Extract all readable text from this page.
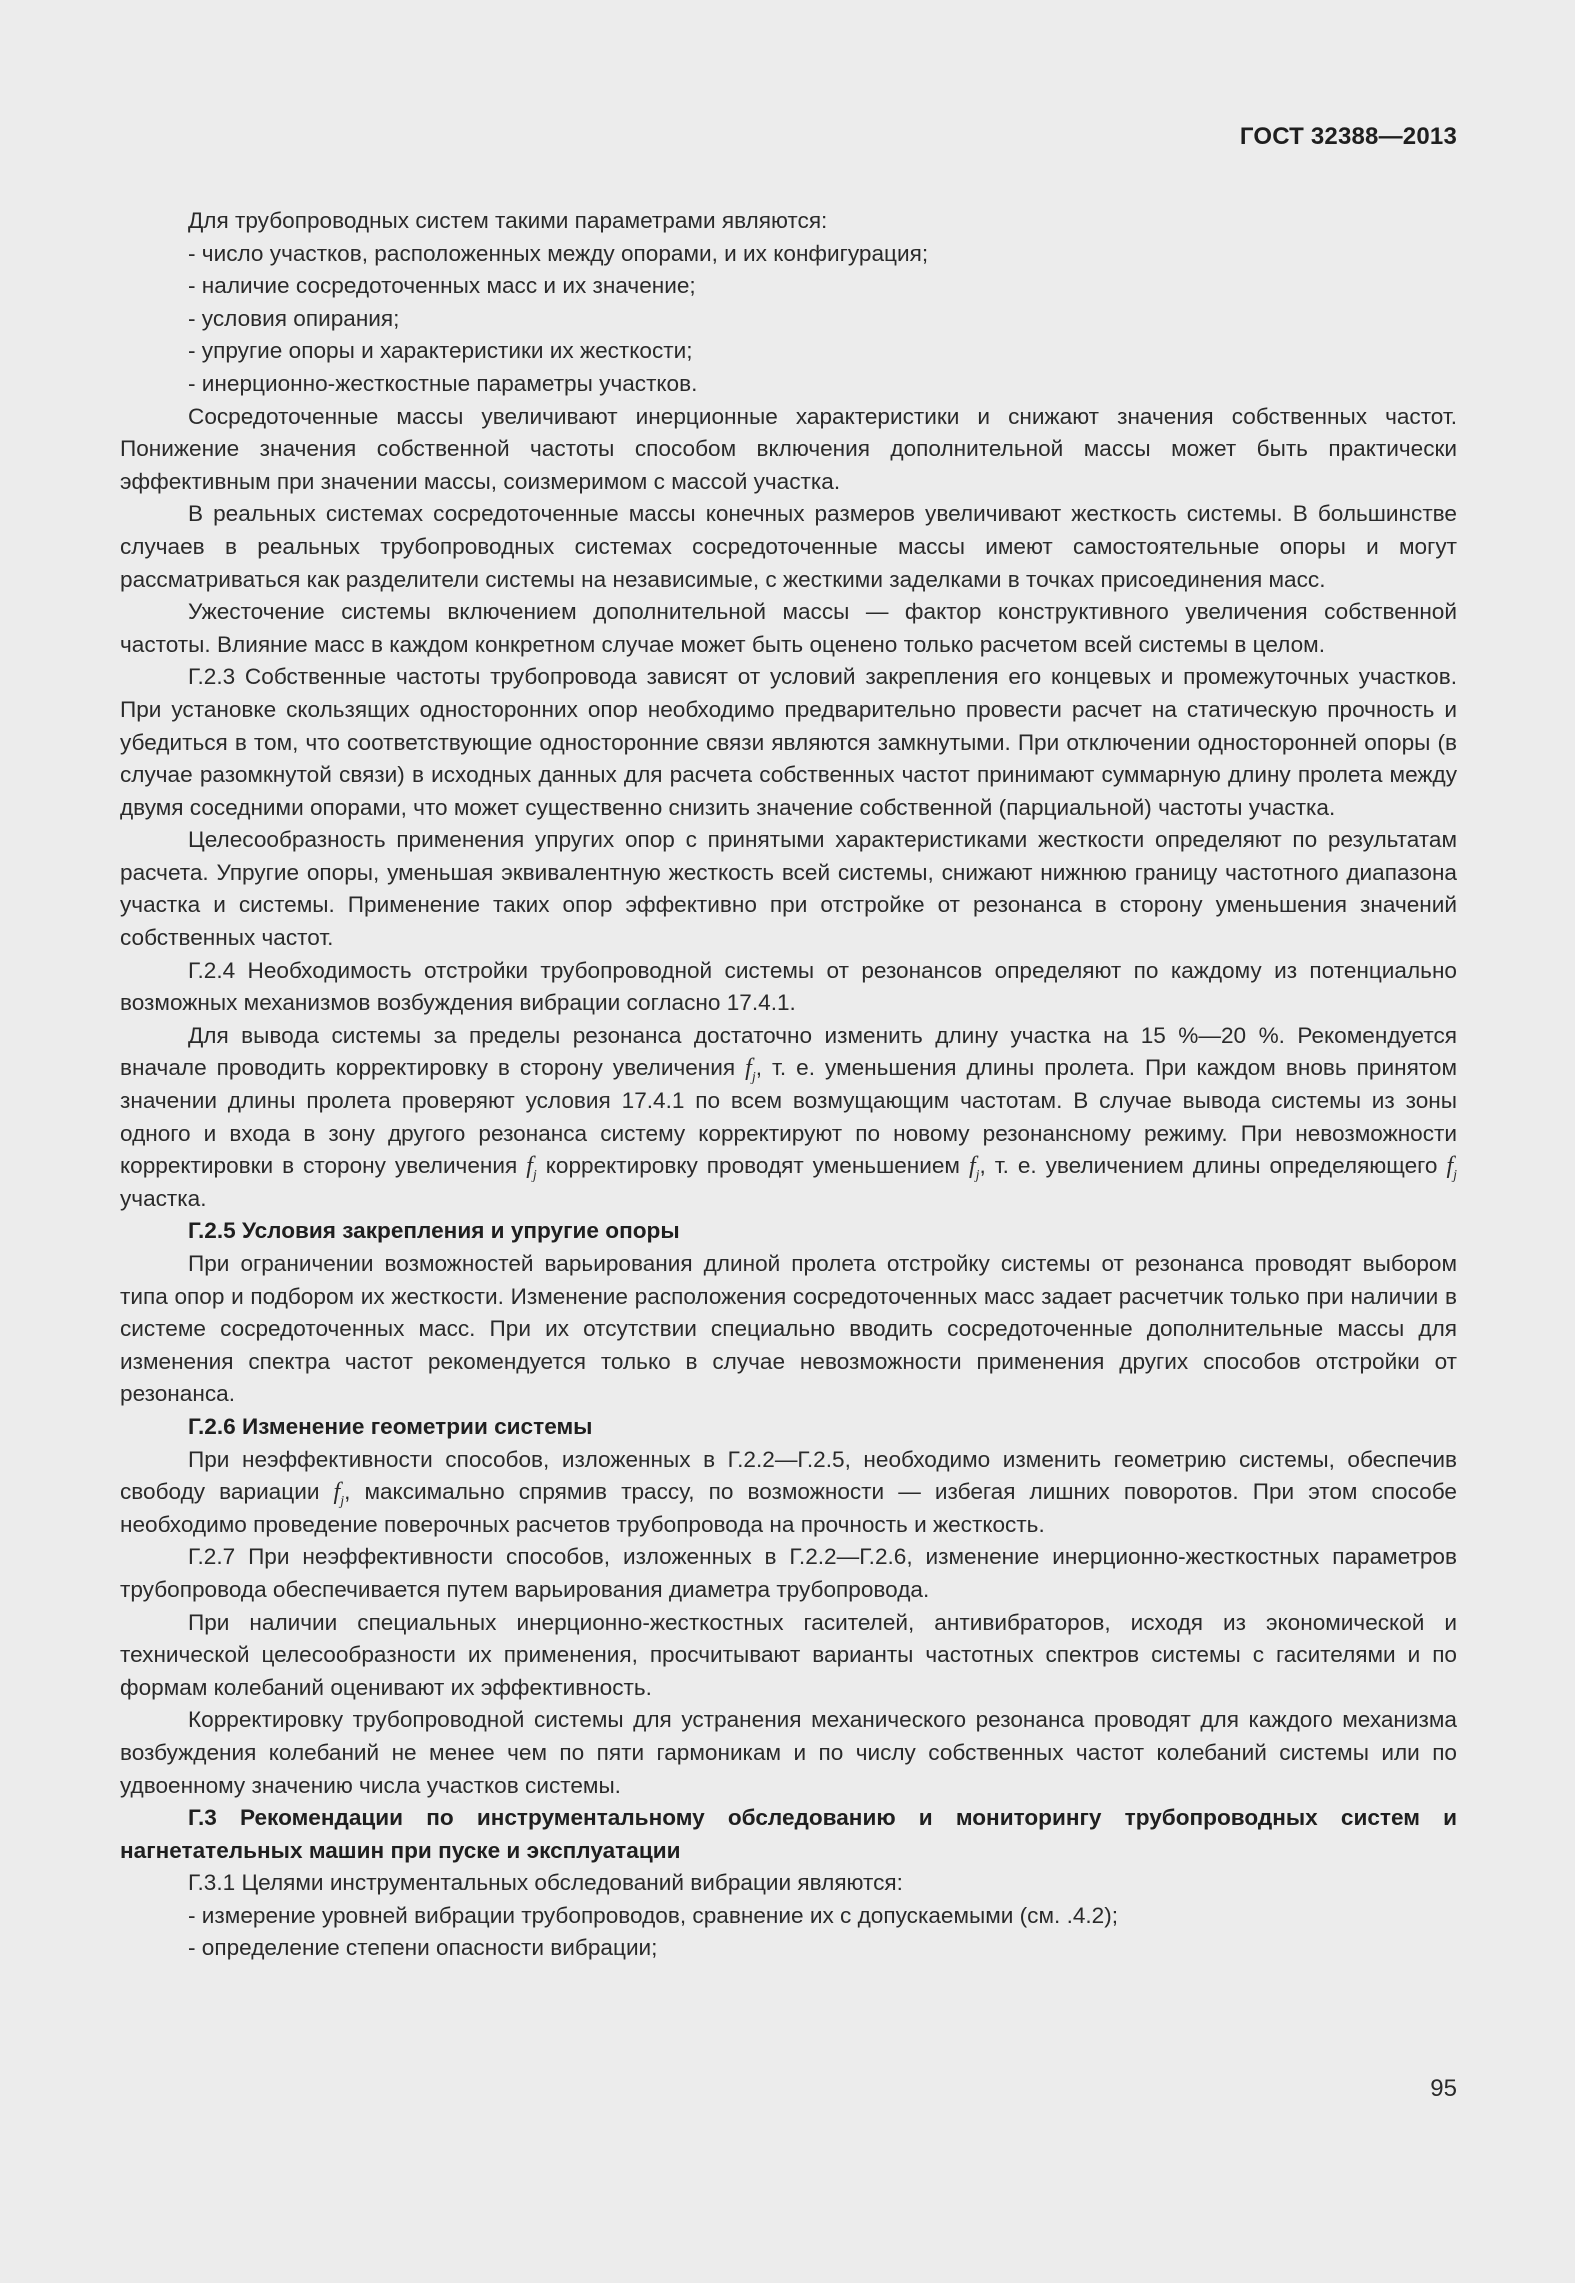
ГОСТ 32388—2013

Для трубопроводных систем такими параметрами являются:

- число участков, расположенных между опорами, и их конфигурация;

- наличие сосредоточенных масс и их значение;

- условия опирания;

- упругие опоры и характеристики их жесткости;

- инерционно-жесткостные параметры участков.

Сосредоточенные массы увеличивают инерционные характеристики и снижают значения собственных частот. Понижение значения собственной частоты способом включения дополнительной массы может быть практически эффективным при значении массы, соизмеримом с массой участка.

В реальных системах сосредоточенные массы конечных размеров увеличивают жесткость системы. В большинстве случаев в реальных трубопроводных системах сосредоточенные массы имеют самостоятельные опоры и могут рассматриваться как разделители системы на независимые, с жесткими заделками в точках присоединения масс.

Ужесточение системы включением дополнительной массы — фактор конструктивного увеличения собственной частоты. Влияние масс в каждом конкретном случае может быть оценено только расчетом всей системы в целом.

Г.2.3 Собственные частоты трубопровода зависят от условий закрепления его концевых и промежуточных участков. При установке скользящих односторонних опор необходимо предварительно провести расчет на статическую прочность и убедиться в том, что соответствующие односторонние связи являются замкнутыми. При отключении односторонней опоры (в случае разомкнутой связи) в исходных данных для расчета собственных частот принимают суммарную длину пролета между двумя соседними опорами, что может существенно снизить значение собственной (парциальной) частоты участка.

Целесообразность применения упругих опор с принятыми характеристиками жесткости определяют по результатам расчета. Упругие опоры, уменьшая эквивалентную жесткость всей системы, снижают нижнюю границу частотного диапазона участка и системы. Применение таких опор эффективно при отстройке от резонанса в сторону уменьшения значений собственных частот.

Г.2.4 Необходимость отстройки трубопроводной системы от резонансов определяют по каждому из потенциально возможных механизмов возбуждения вибрации согласно 17.4.1.

Для вывода системы за пределы резонанса достаточно изменить длину участка на 15 %—20 %. Рекомендуется вначале проводить корректировку в сторону увеличения $f_j$, т. е. уменьшения длины пролета. При каждом вновь принятом значении длины пролета проверяют условия 17.4.1 по всем возмущающим частотам. В случае вывода системы из зоны одного и входа в зону другого резонанса систему корректируют по новому резонансному режиму. При невозможности корректировки в сторону увеличения $f_j$ корректировку проводят уменьшением $f_j$, т. е. увеличением длины определяющего $f_j$ участка.

Г.2.5 Условия закрепления и упругие опоры

При ограничении возможностей варьирования длиной пролета отстройку системы от резонанса проводят выбором типа опор и подбором их жесткости. Изменение расположения сосредоточенных масс задает расчетчик только при наличии в системе сосредоточенных масс. При их отсутствии специально вводить сосредоточенные дополнительные массы для изменения спектра частот рекомендуется только в случае невозможности применения других способов отстройки от резонанса.

Г.2.6 Изменение геометрии системы

При неэффективности способов, изложенных в Г.2.2—Г.2.5, необходимо изменить геометрию системы, обеспечив свободу вариации $f_j$, максимально спрямив трассу, по возможности — избегая лишних поворотов. При этом способе необходимо проведение поверочных расчетов трубопровода на прочность и жесткость.

Г.2.7 При неэффективности способов, изложенных в Г.2.2—Г.2.6, изменение инерционно-жесткостных параметров трубопровода обеспечивается путем варьирования диаметра трубопровода.

При наличии специальных инерционно-жесткостных гасителей, антивибраторов, исходя из экономической и технической целесообразности их применения, просчитывают варианты частотных спектров системы с гасителями и по формам колебаний оценивают их эффективность.

Корректировку трубопроводной системы для устранения механического резонанса проводят для каждого механизма возбуждения колебаний не менее чем по пяти гармоникам и по числу собственных частот колебаний системы или по удвоенному значению числа участков системы.

Г.3 Рекомендации по инструментальному обследованию и мониторингу трубопроводных систем и нагнетательных машин при пуске и эксплуатации

Г.3.1 Целями инструментальных обследований вибрации являются:

- измерение уровней вибрации трубопроводов, сравнение их с допускаемыми (см. .4.2);

- определение степени опасности вибрации;

95
